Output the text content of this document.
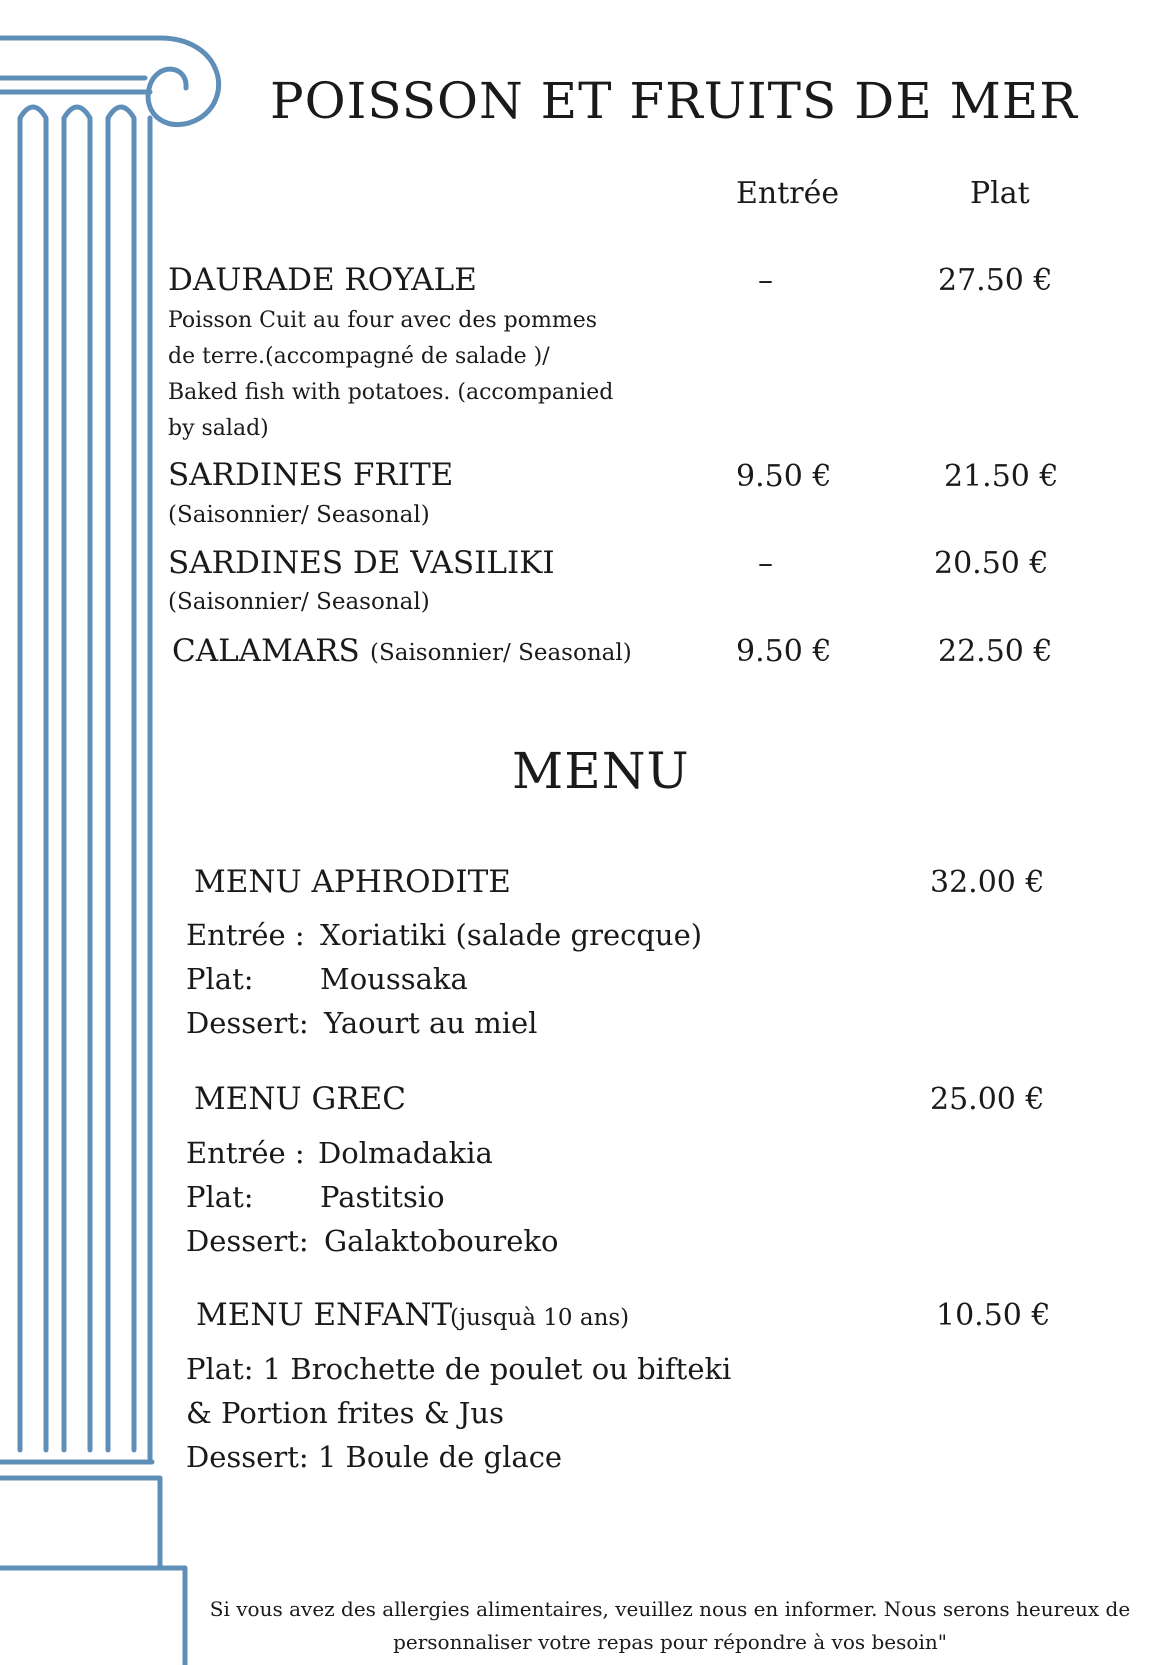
POISSON ET FRUITS DE MER
Entrée	Plat
DAURADE ROYALE
Poisson Cuit au four avec des pommes
de terre.(accompagné de salade )/
Baked fish with potatoes. (accompanied
by salad)
–	27.50 €
SARDINES FRITE
(Saisonnier/ Seasonal)
9.50 €	21.50 €
SARDINES DE VASILIKI
(Saisonnier/ Seasonal)
–	20.50 €
CALAMARS (Saisonnier/ Seasonal)	9.50 €	22.50 €
MENU
MENU APHRODITE	32.00 €
Entrée : Xoriatiki (salade grecque)
Plat: Moussaka
Dessert: Yaourt au miel
MENU GREC	25.00 €
Entrée : Dolmadakia
Plat: Pastitsio
Dessert: Galaktoboureko
MENU ENFANT
(jusquà 10 ans)	10.50 €
Plat: 1 Brochette de poulet ou bifteki
& Portion frites & Jus
Dessert: 1 Boule de glace
Si vous avez des allergies alimentaires, veuillez nous en informer. Nous serons heureux de
personnaliser votre repas pour répondre à vos besoin"
